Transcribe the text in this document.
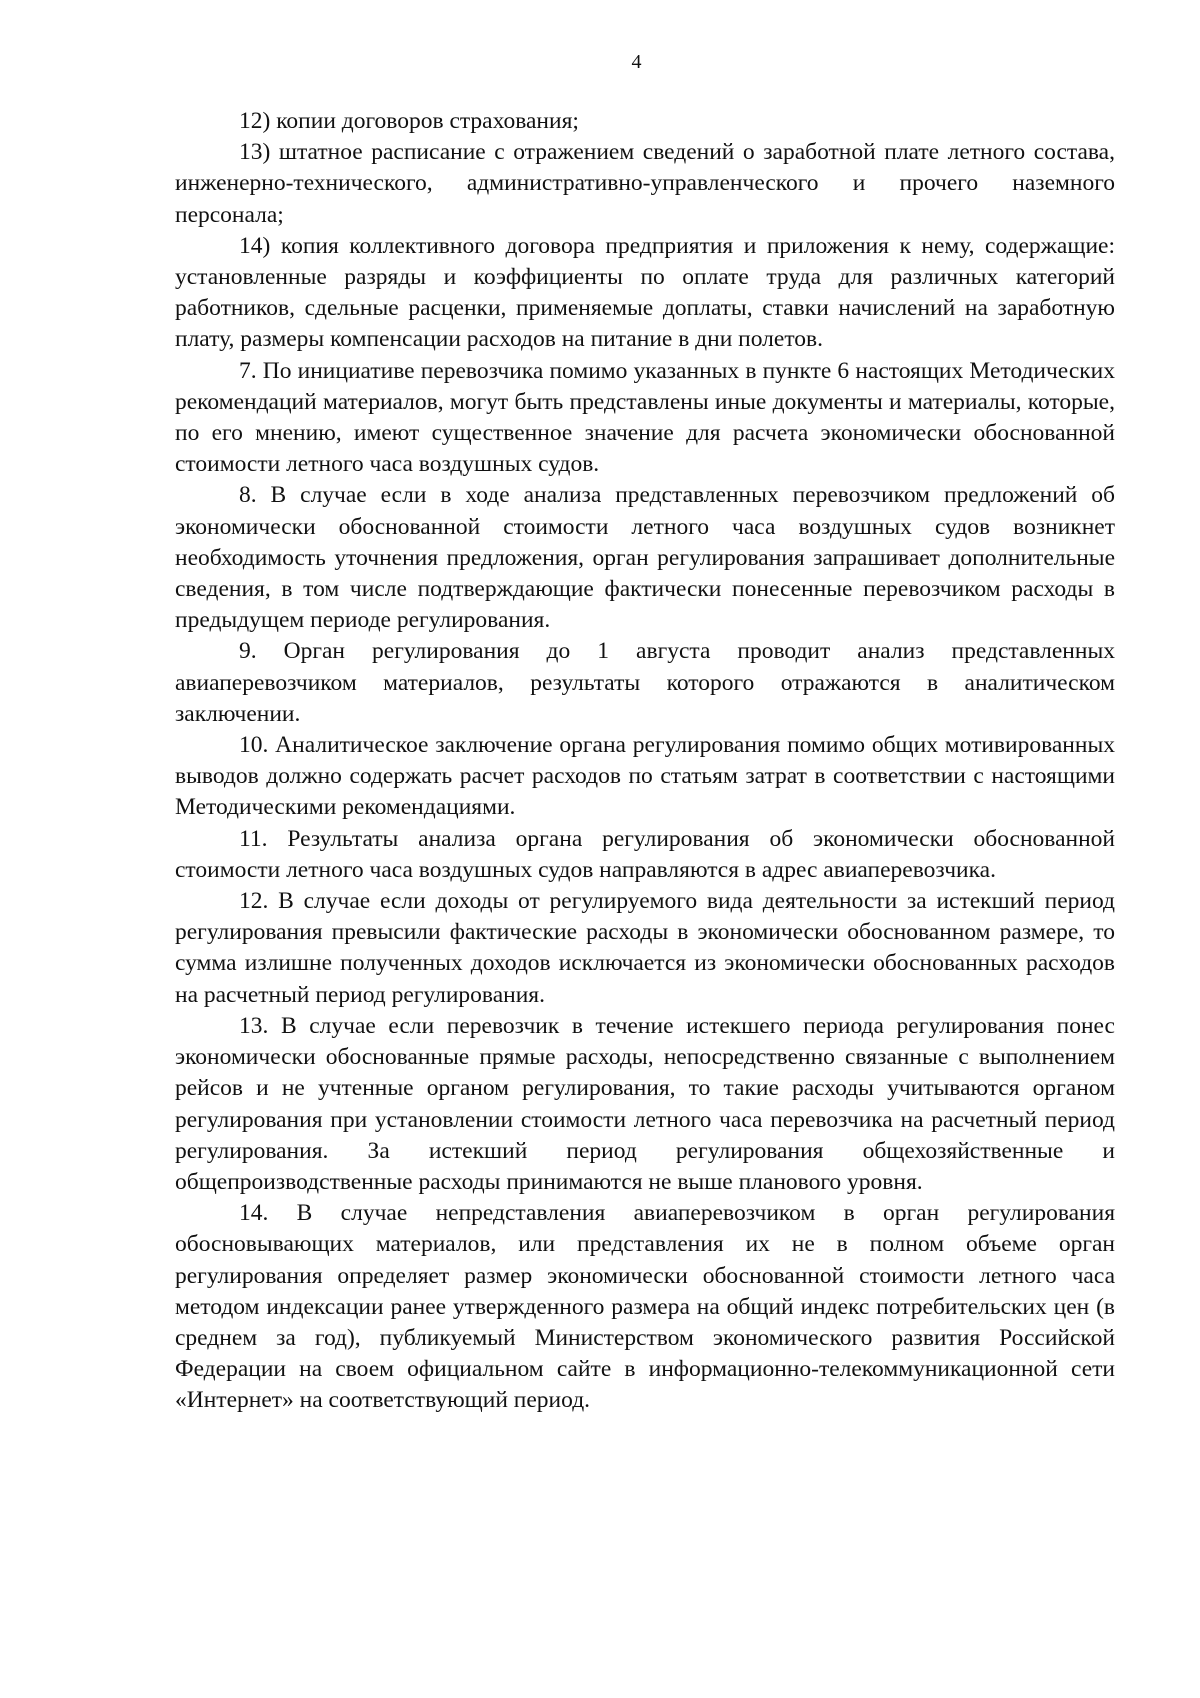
4

12) копии договоров страхования;

13) штатное расписание с отражением сведений о заработной плате летного состава, инженерно-технического, административно-управленческого и прочего наземного персонала;

14) копия коллективного договора предприятия и приложения к нему, содержащие: установленные разряды и коэффициенты по оплате труда для различных категорий работников, сдельные расценки, применяемые доплаты, ставки начислений на заработную плату, размеры компенсации расходов на питание в дни полетов.

7. По инициативе перевозчика помимо указанных в пункте 6 настоящих Методических рекомендаций материалов, могут быть представлены иные документы и материалы, которые, по его мнению, имеют существенное значение для расчета экономически обоснованной стоимости летного часа воздушных судов.

8. В случае если в ходе анализа представленных перевозчиком предложений об экономически обоснованной стоимости летного часа воздушных судов возникнет необходимость уточнения предложения, орган регулирования запрашивает дополнительные сведения, в том числе подтверждающие фактически понесенные перевозчиком расходы в предыдущем периоде регулирования.

9. Орган регулирования до 1 августа проводит анализ представленных авиаперевозчиком материалов, результаты которого отражаются в аналитическом заключении.

10. Аналитическое заключение органа регулирования помимо общих мотивированных выводов должно содержать расчет расходов по статьям затрат в соответствии с настоящими Методическими рекомендациями.

11. Результаты анализа органа регулирования об экономически обоснованной стоимости летного часа воздушных судов направляются в адрес авиаперевозчика.

12. В случае если доходы от регулируемого вида деятельности за истекший период регулирования превысили фактические расходы в экономически обоснованном размере, то сумма излишне полученных доходов исключается из экономически обоснованных расходов на расчетный период регулирования.

13. В случае если перевозчик в течение истекшего периода регулирования понес экономически обоснованные прямые расходы, непосредственно связанные с выполнением рейсов и не учтенные органом регулирования, то такие расходы учитываются органом регулирования при установлении стоимости летного часа перевозчика на расчетный период регулирования. За истекший период регулирования общехозяйственные и общепроизводственные расходы принимаются не выше планового уровня.

14. В случае непредставления авиаперевозчиком в орган регулирования обосновывающих материалов, или представления их не в полном объеме орган регулирования определяет размер экономически обоснованной стоимости летного часа методом индексации ранее утвержденного размера на общий индекс потребительских цен (в среднем за год), публикуемый Министерством экономического развития Российской Федерации на своем официальном сайте в информационно-телекоммуникационной сети «Интернет» на соответствующий период.
